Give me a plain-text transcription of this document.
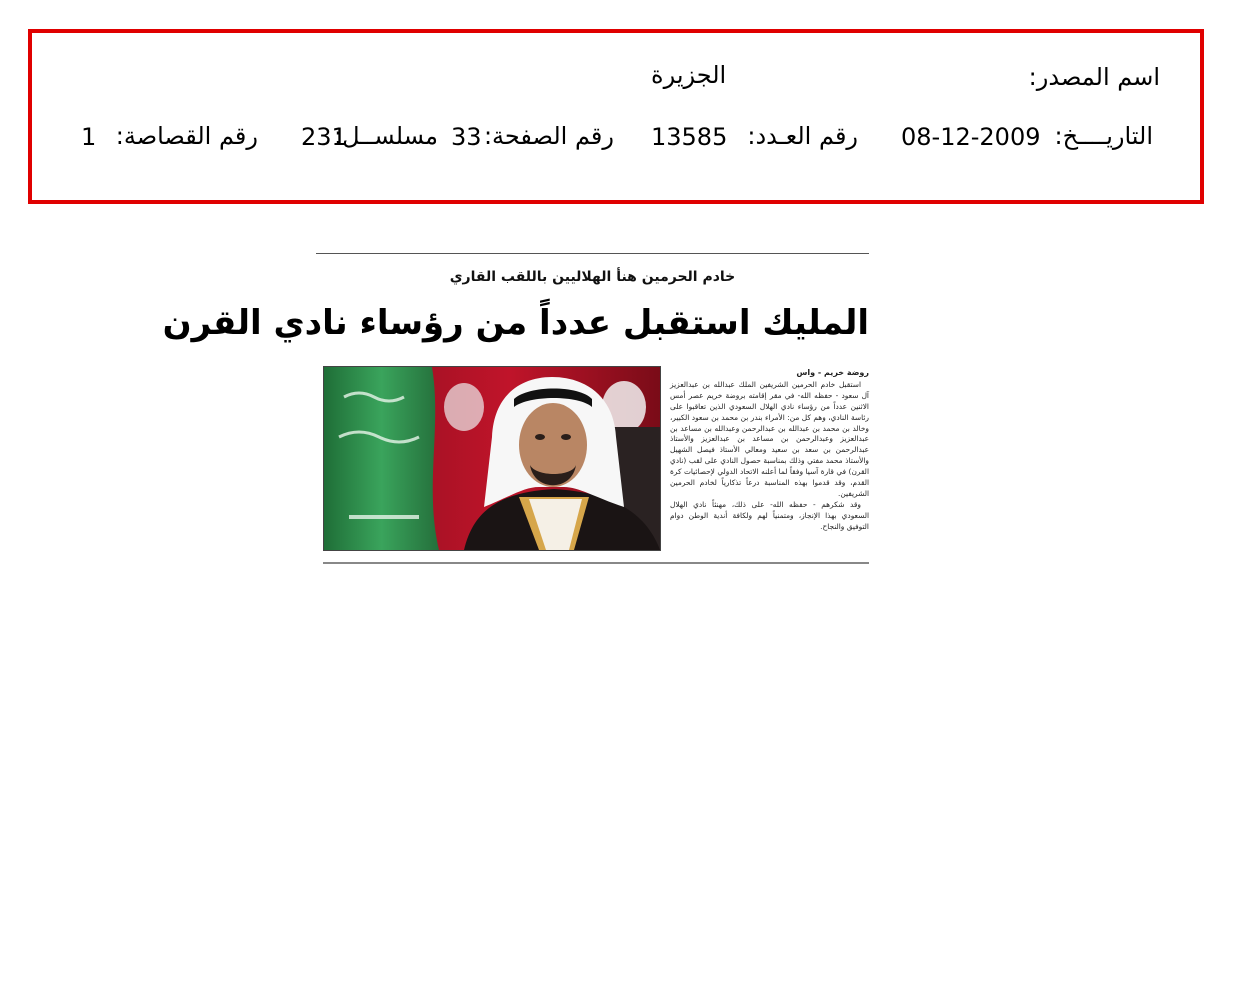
اسم المصدر:
الجزيرة
التاريــــخ:
08-12-2009
رقم العـدد:
13585
رقم الصفحة:
33
مسلســل:
231
رقم القصاصة:
1
خادم الحرمين هنأ الهلاليين باللقب القاري
المليك استقبل عدداً من رؤساء نادي القرن
روضة خريم - واس

استقبل خادم الحرمين الشريفين الملك عبدالله بن عبدالعزيز آل سعود - حفظه الله- في مقر إقامته بروضة خريم عصر أمس الاثنين عدداً من رؤساء نادي الهلال السعودي الذين تعاقبوا على رئاسة النادي، وهم كل من: الأمراء بندر بن محمد بن سعود الكبير، وخالد بن محمد بن عبدالله بن عبدالرحمن وعبدالله بن مساعد بن عبدالعزيز وعبدالرحمن بن مساعد بن عبدالعزيز والأستاذ عبدالرحمن بن سعد بن سعيد ومعالي الأستاذ فيصل الشهيل والأستاذ محمد مفتي وذلك بمناسبة حصول النادي على لقب (نادي القرن) في قارة آسيا وفقاً لما أعلنه الاتحاد الدولي لإحصائيات كرة القدم، وقد قدموا بهذه المناسبة درعاً تذكارياً لخادم الحرمين الشريفين.

وقد شكرهم - حفظه الله- على ذلك، مهنئاً نادي الهلال السعودي بهذا الإنجاز، ومتمنياً لهم ولكافة أندية الوطن دوام التوفيق والنجاح.
